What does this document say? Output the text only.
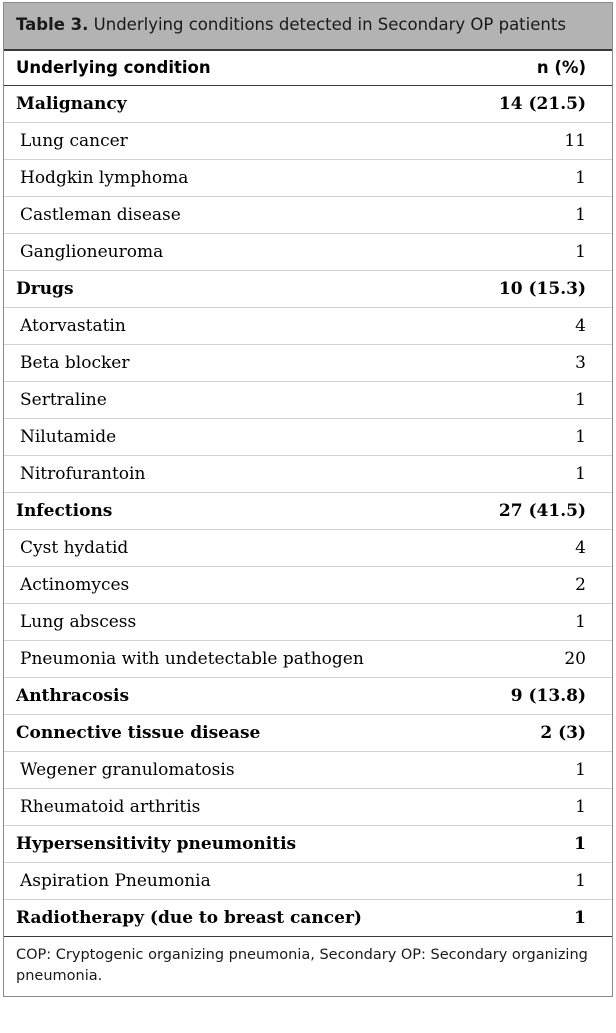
Table 3. Underlying conditions detected in Secondary OP patients
Underlying condition	n (%)
Malignancy	14 (21.5)
Lung cancer	11
Hodgkin lymphoma	1
Castleman disease	1
Ganglioneuroma	1
Drugs	10 (15.3)
Atorvastatin	4
Beta blocker	3
Sertraline	1
Nilutamide	1
Nitrofurantoin	1
Infections	27 (41.5)
Cyst hydatid	4
Actinomyces	2
Lung abscess	1
Pneumonia with undetectable pathogen	20
Anthracosis	9 (13.8)
Connective tissue disease	2 (3)
Wegener granulomatosis	1
Rheumatoid arthritis	1
Hypersensitivity pneumonitis	1
Aspiration Pneumonia	1
Radiotherapy (due to breast cancer)	1
COP: Cryptogenic organizing pneumonia, Secondary OP: Secondary organizing pneumonia.
